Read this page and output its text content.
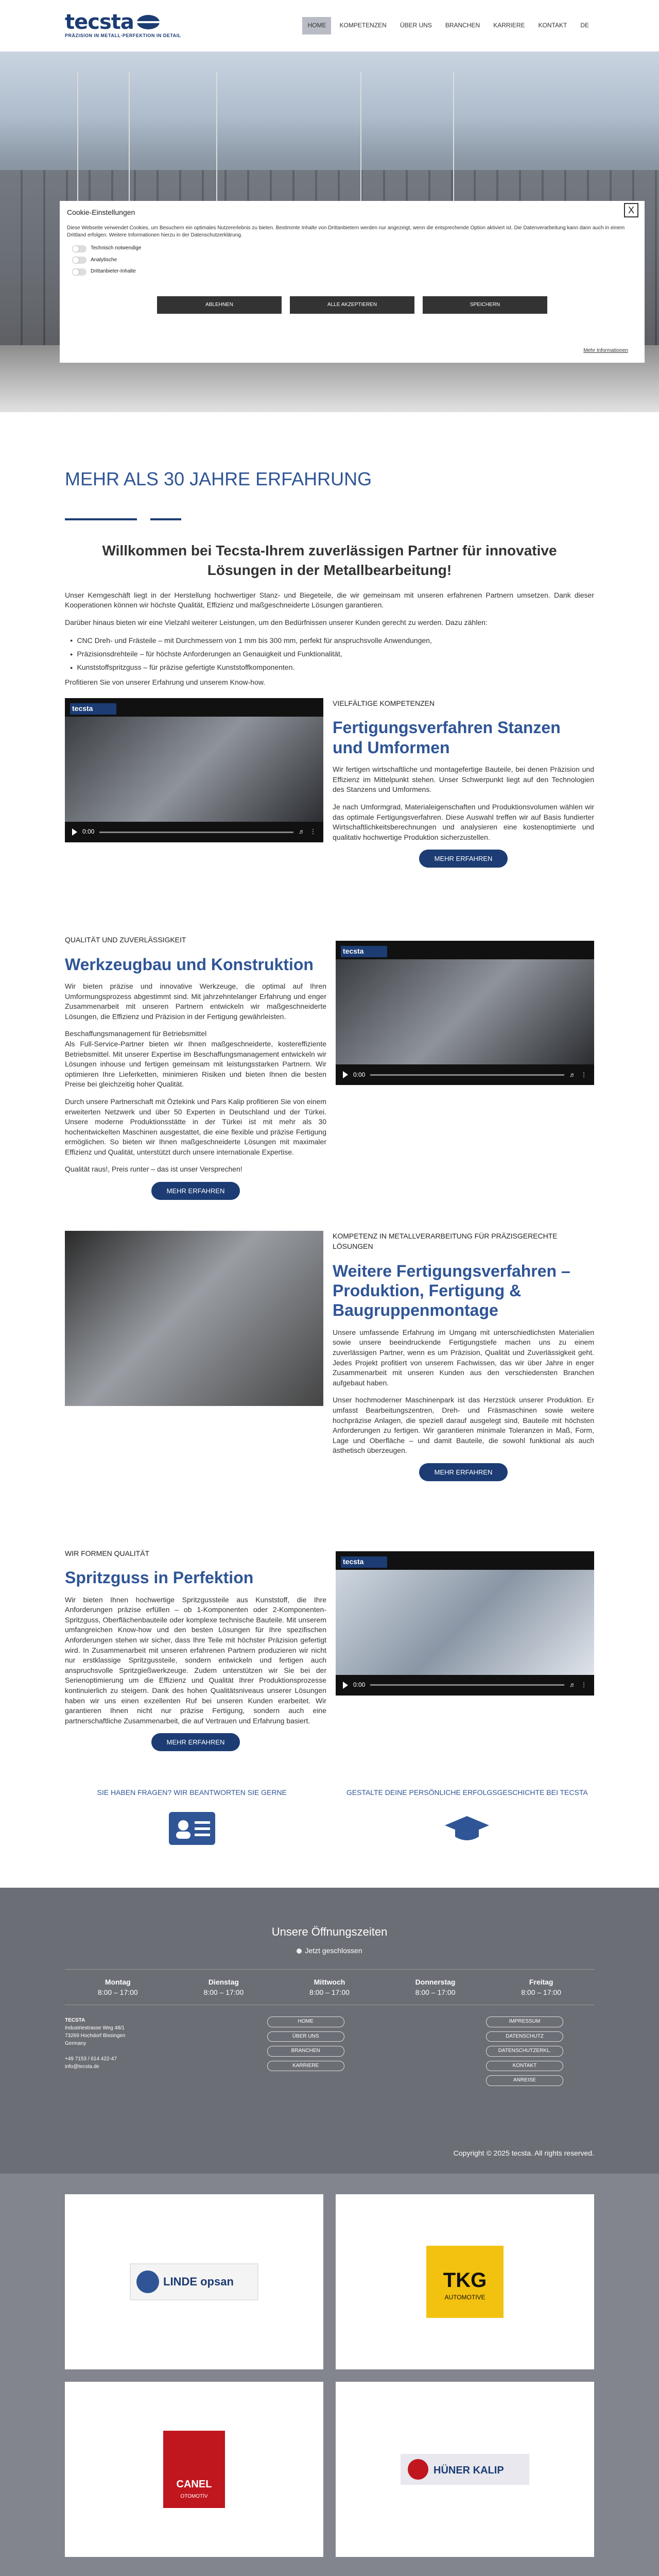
tecsta
PRÄZISION IN METALL·PERFEKTION IN DETAIL
HOME	KOMPETENZEN	ÜBER UNS	BRANCHEN	KARRIERE	KONTAKT	DE
X
Cookie-Einstellungen

Diese Webseite verwendet Cookies, um Besuchern ein optimales Nutzererlebnis zu bieten. Bestimmte Inhalte von Drittanbietern werden nur angezeigt, wenn die entsprechende Option aktiviert ist. Die Datenverarbeitung kann dann auch in einem Drittland erfolgen. Weitere Informationen hierzu in der Datenschutzerklärung.

Technisch notwendige
Analytische
Drittanbieter-Inhalte
ABLEHNEN	ALLE AKZEPTIEREN	SPEICHERN
Mehr Informationen
MEHR ALS 30 JAHRE ERFAHRUNG
Willkommen bei Tecsta-Ihrem zuverlässigen Partner für innovative Lösungen in der Metallbearbeitung!

Unser Kerngeschäft liegt in der Herstellung hochwertiger Stanz- und Biegeteile, die wir gemeinsam mit unseren erfahrenen Partnern umsetzen. Dank dieser Kooperationen können wir höchste Qualität, Effizienz und maßgeschneiderte Lösungen garantieren.

Darüber hinaus bieten wir eine Vielzahl weiterer Leistungen, um den Bedürfnissen unserer Kunden gerecht zu werden. Dazu zählen:

● CNC Dreh- und Frästeile – mit Durchmessern von 1 mm bis 300 mm, perfekt für anspruchsvolle Anwendungen,
● Präzisionsdrehteile – für höchste Anforderungen an Genauigkeit und Funktionalität,
● Kunststoffspritzguss – für präzise gefertigte Kunststoffkomponenten.

Profitieren Sie von unserer Erfahrung und unserem Know-how.

tecsta
0:00	♬ ⋮
VIELFÄLTIGE KOMPETENZEN
Fertigungsverfahren Stanzen und Umformen

Wir fertigen wirtschaftliche und montagefertige Bauteile, bei denen Präzision und Effizienz im Mittelpunkt stehen. Unser Schwerpunkt liegt auf den Technologien des Stanzens und Umformens.

Je nach Umformgrad, Materialeigenschaften und Produktionsvolumen wählen wir das optimale Fertigungsverfahren. Diese Auswahl treffen wir auf Basis fundierter Wirtschaftlichkeitsberechnungen und analysieren eine kostenoptimierte und qualitativ hochwertige Produktion sicherzustellen.

MEHR ERFAHREN
QUALITÄT UND ZUVERLÄSSIGKEIT
Werkzeugbau und Konstruktion

Wir bieten präzise und innovative Werkzeuge, die optimal auf Ihren Umformungsprozess abgestimmt sind. Mit jahrzehntelanger Erfahrung und enger Zusammenarbeit mit unseren Partnern entwickeln wir maßgeschneiderte Lösungen, die Effizienz und Präzision in der Fertigung gewährleisten.

Beschaffungsmanagement für Betriebsmittel
Als Full-Service-Partner bieten wir Ihnen maßgeschneiderte, kostereffiziente Betriebsmittel. Mit unserer Expertise im Beschaffungsmanagement entwickeln wir Lösungen inhouse und fertigen gemeinsam mit leistungsstarken Partnern. Wir optimieren Ihre Lieferketten, minimieren Risiken und bieten Ihnen die besten Preise bei gleichzeitig hoher Qualität.

Durch unsere Partnerschaft mit Öztekink und Pars Kalip profitieren Sie von einem erweiterten Netzwerk und über 50 Experten in Deutschland und der Türkei. Unsere moderne Produktionsstätte in der Türkei ist mit mehr als 30 hochentwickelten Maschinen ausgestattet, die eine flexible und präzise Fertigung ermöglichen. So bieten wir Ihnen maßgeschneiderte Lösungen mit maximaler Effizienz und Qualität, unterstützt durch unsere internationale Expertise.

Qualität raus!, Preis runter – das ist unser Versprechen!

MEHR ERFAHREN
tecsta
0:00	♬ ⋮
KOMPETENZ IN METALLVERARBEITUNG FÜR PRÄZISGERECHTE LÖSUNGEN
Weitere Fertigungsverfahren – Produktion, Fertigung & Baugruppenmontage

Unsere umfassende Erfahrung im Umgang mit unterschiedlichsten Materialien sowie unsere beeindruckende Fertigungstiefe machen uns zu einem zuverlässigen Partner, wenn es um Präzision, Qualität und Zuverlässigkeit geht. Jedes Projekt profitiert von unserem Fachwissen, das wir über Jahre in enger Zusammenarbeit mit unseren Kunden aus den verschiedensten Branchen aufgebaut haben.

Unser hochmoderner Maschinenpark ist das Herzstück unserer Produktion. Er umfasst Bearbeitungszentren, Dreh- und Fräsmaschinen sowie weitere hochpräzise Anlagen, die speziell darauf ausgelegt sind, Bauteile mit höchsten Anforderungen zu fertigen. Wir garantieren minimale Toleranzen in Maß, Form, Lage und Oberfläche – und damit Bauteile, die sowohl funktional als auch ästhetisch überzeugen.

MEHR ERFAHREN
WIR FORMEN QUALITÄT
Spritzguss in Perfektion

Wir bieten Ihnen hochwertige Spritzgussteile aus Kunststoff, die Ihre Anforderungen präzise erfüllen – ob 1-Komponenten oder 2-Komponenten-Spritzguss, Oberflächenbauteile oder komplexe technische Bauteile. Mit unserem umfangreichen Know-how und den besten Lösungen für Ihre spezifischen Anforderungen stehen wir sicher, dass Ihre Teile mit höchster Präzision gefertigt wird. In Zusammenarbeit mit unseren erfahrenen Partnern produzieren wir nicht nur erstklassige Spritzgussteile, sondern entwickeln und fertigen auch anspruchsvolle Spritzgießwerkzeuge. Zudem unterstützen wir Sie bei der Serienoptimierung um die Effizienz und Qualität Ihrer Produktionsprozesse kontinuierlich zu steigern. Dank des hohen Qualitätsniveaus unserer Lösungen haben wir uns einen exzellenten Ruf bei unseren Kunden erarbeitet. Wir garantieren Ihnen nicht nur präzise Fertigung, sondern auch eine partnerschaftliche Zusammenarbeit, die auf Vertrauen und Erfahrung basiert.

MEHR ERFAHREN
tecsta
0:00	♬ ⋮
SIE HABEN FRAGEN? WIR BEANTWORTEN SIE GERNE	GESTALTE DEINE PERSÖNLICHE ERFOLGSGESCHICHTE BEI TECSTA
Unsere Öffnungszeiten
Jetzt geschlossen
Montag
8:00 – 17:00
Dienstag
8:00 – 17:00
Mittwoch
8:00 – 17:00
Donnerstag
8:00 – 17:00
Freitag
8:00 – 17:00
TECSTA
Industriestrasse Weg 48/1
73269 Hochdorf Bissingen
Germany

+49 7153 / 614 422-47
info@tecsta.de
HOME
ÜBER UNS
BRANCHEN
KARRIERE
IMPRESSUM
DATENSCHUTZ
DATENSCHUTZERKL.
KONTAKT
ANREISE
Copyright © 2025 tecsta. All rights reserved.
LINDE opsan	TKG
AUTOMOTIVE
CANEL
OTOMOTİV
HÜNER KALIP
